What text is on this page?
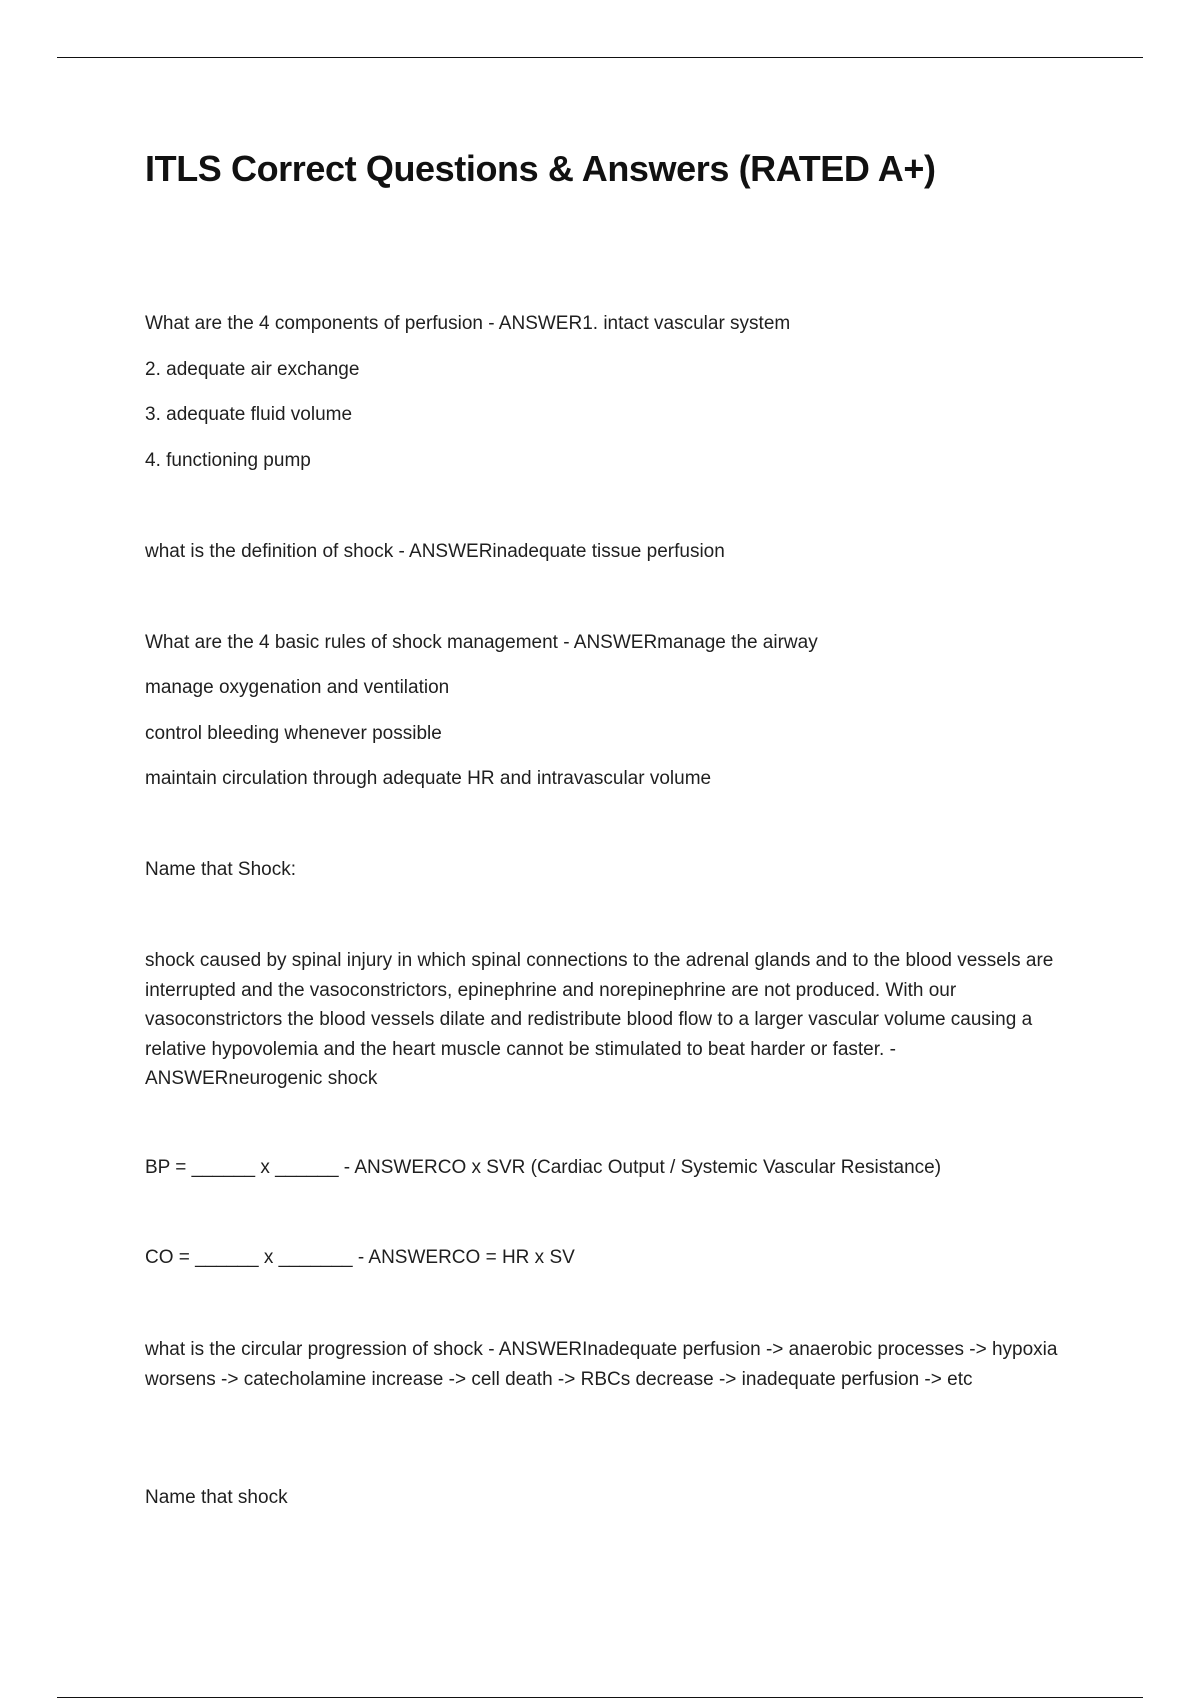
ITLS Correct Questions & Answers (RATED A+)

What are the 4 components of perfusion - ANSWER1. intact vascular system

2. adequate air exchange

3. adequate fluid volume

4. functioning pump

what is the definition of shock - ANSWERinadequate tissue perfusion

What are the 4 basic rules of shock management - ANSWERmanage the airway

manage oxygenation and ventilation

control bleeding whenever possible

maintain circulation through adequate HR and intravascular volume

Name that Shock:

shock caused by spinal injury in which spinal connections to the adrenal glands and to the blood vessels are interrupted and the vasoconstrictors, epinephrine and norepinephrine are not produced. With our vasoconstrictors the blood vessels dilate and redistribute blood flow to a larger vascular volume causing a relative hypovolemia and the heart muscle cannot be stimulated to beat harder or faster. - ANSWERneurogenic shock

BP = ______ x ______ - ANSWERCO x SVR (Cardiac Output / Systemic Vascular Resistance)

CO = ______ x _______ - ANSWERCO = HR x SV

what is the circular progression of shock - ANSWERInadequate perfusion -> anaerobic processes -> hypoxia worsens -> catecholamine increase -> cell death -> RBCs decrease -> inadequate perfusion -> etc

Name that shock
